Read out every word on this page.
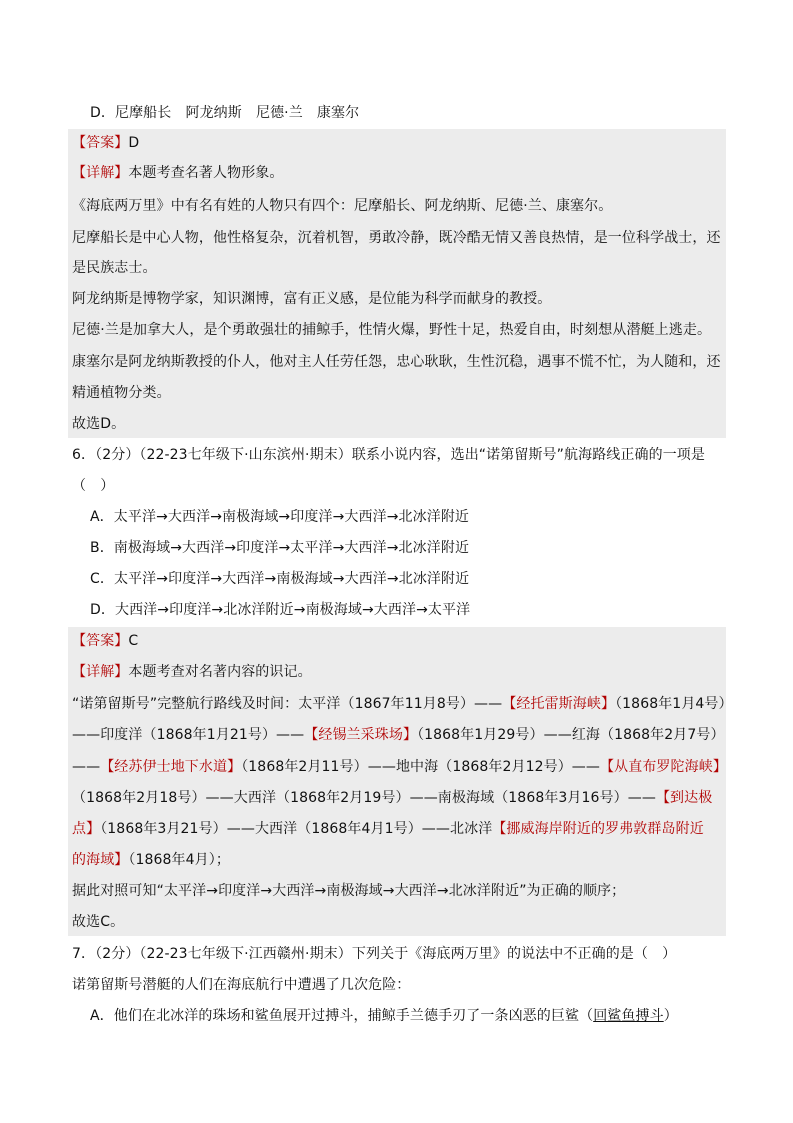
D．尼摩船长　阿龙纳斯　尼德·兰　康塞尔
【答案】D
【详解】本题考查名著人物形象。
《海底两万里》中有名有姓的人物只有四个：尼摩船长、阿龙纳斯、尼德·兰、康塞尔。
尼摩船长是中心人物，他性格复杂，沉着机智，勇敢冷静，既冷酷无情又善良热情，是一位科学战士，还
是民族志士。
阿龙纳斯是博物学家，知识渊博，富有正义感，是位能为科学而献身的教授。
尼德·兰是加拿大人，是个勇敢强壮的捕鲸手，性情火爆，野性十足，热爱自由，时刻想从潜艇上逃走。
康塞尔是阿龙纳斯教授的仆人，他对主人任劳任怨，忠心耿耿，生性沉稳，遇事不慌不忙，为人随和，还
精通植物分类。
故选D。
6．（2分）（22-23七年级下·山东滨州·期末）联系小说内容，选出“诺第留斯号”航海路线正确的一项是
（　）
A．太平洋→大西洋→南极海域→印度洋→大西洋→北冰洋附近
B．南极海域→大西洋→印度洋→太平洋→大西洋→北冰洋附近
C．太平洋→印度洋→大西洋→南极海域→大西洋→北冰洋附近
D．大西洋→印度洋→北冰洋附近→南极海域→大西洋→太平洋
【答案】C
【详解】本题考查对名著内容的识记。
“诺第留斯号”完整航行路线及时间：太平洋（1867年11月8号）——【经托雷斯海峡】（1868年1月4号）
——印度洋（1868年1月21号）——【经锡兰采珠场】（1868年1月29号）——红海（1868年2月7号）
——【经苏伊士地下水道】（1868年2月11号）——地中海（1868年2月12号）——【从直布罗陀海峡】
（1868年2月18号）——大西洋（1868年2月19号）——南极海域（1868年3月16号）——【到达极
点】（1868年3月21号）——大西洋（1868年4月1号）——北冰洋【挪威海岸附近的罗弗敦群岛附近
的海域】（1868年4月）；
据此对照可知“太平洋→印度洋→大西洋→南极海域→大西洋→北冰洋附近”为正确的顺序；
故选C。
7．（2分）（22-23七年级下·江西赣州·期末）下列关于《海底两万里》的说法中不正确的是（　）
诺第留斯号潜艇的人们在海底航行中遭遇了几次危险：
A．他们在北冰洋的珠场和鲨鱼展开过搏斗，捕鲸手兰德手刃了一条凶恶的巨鲨（回鲨鱼搏斗）
